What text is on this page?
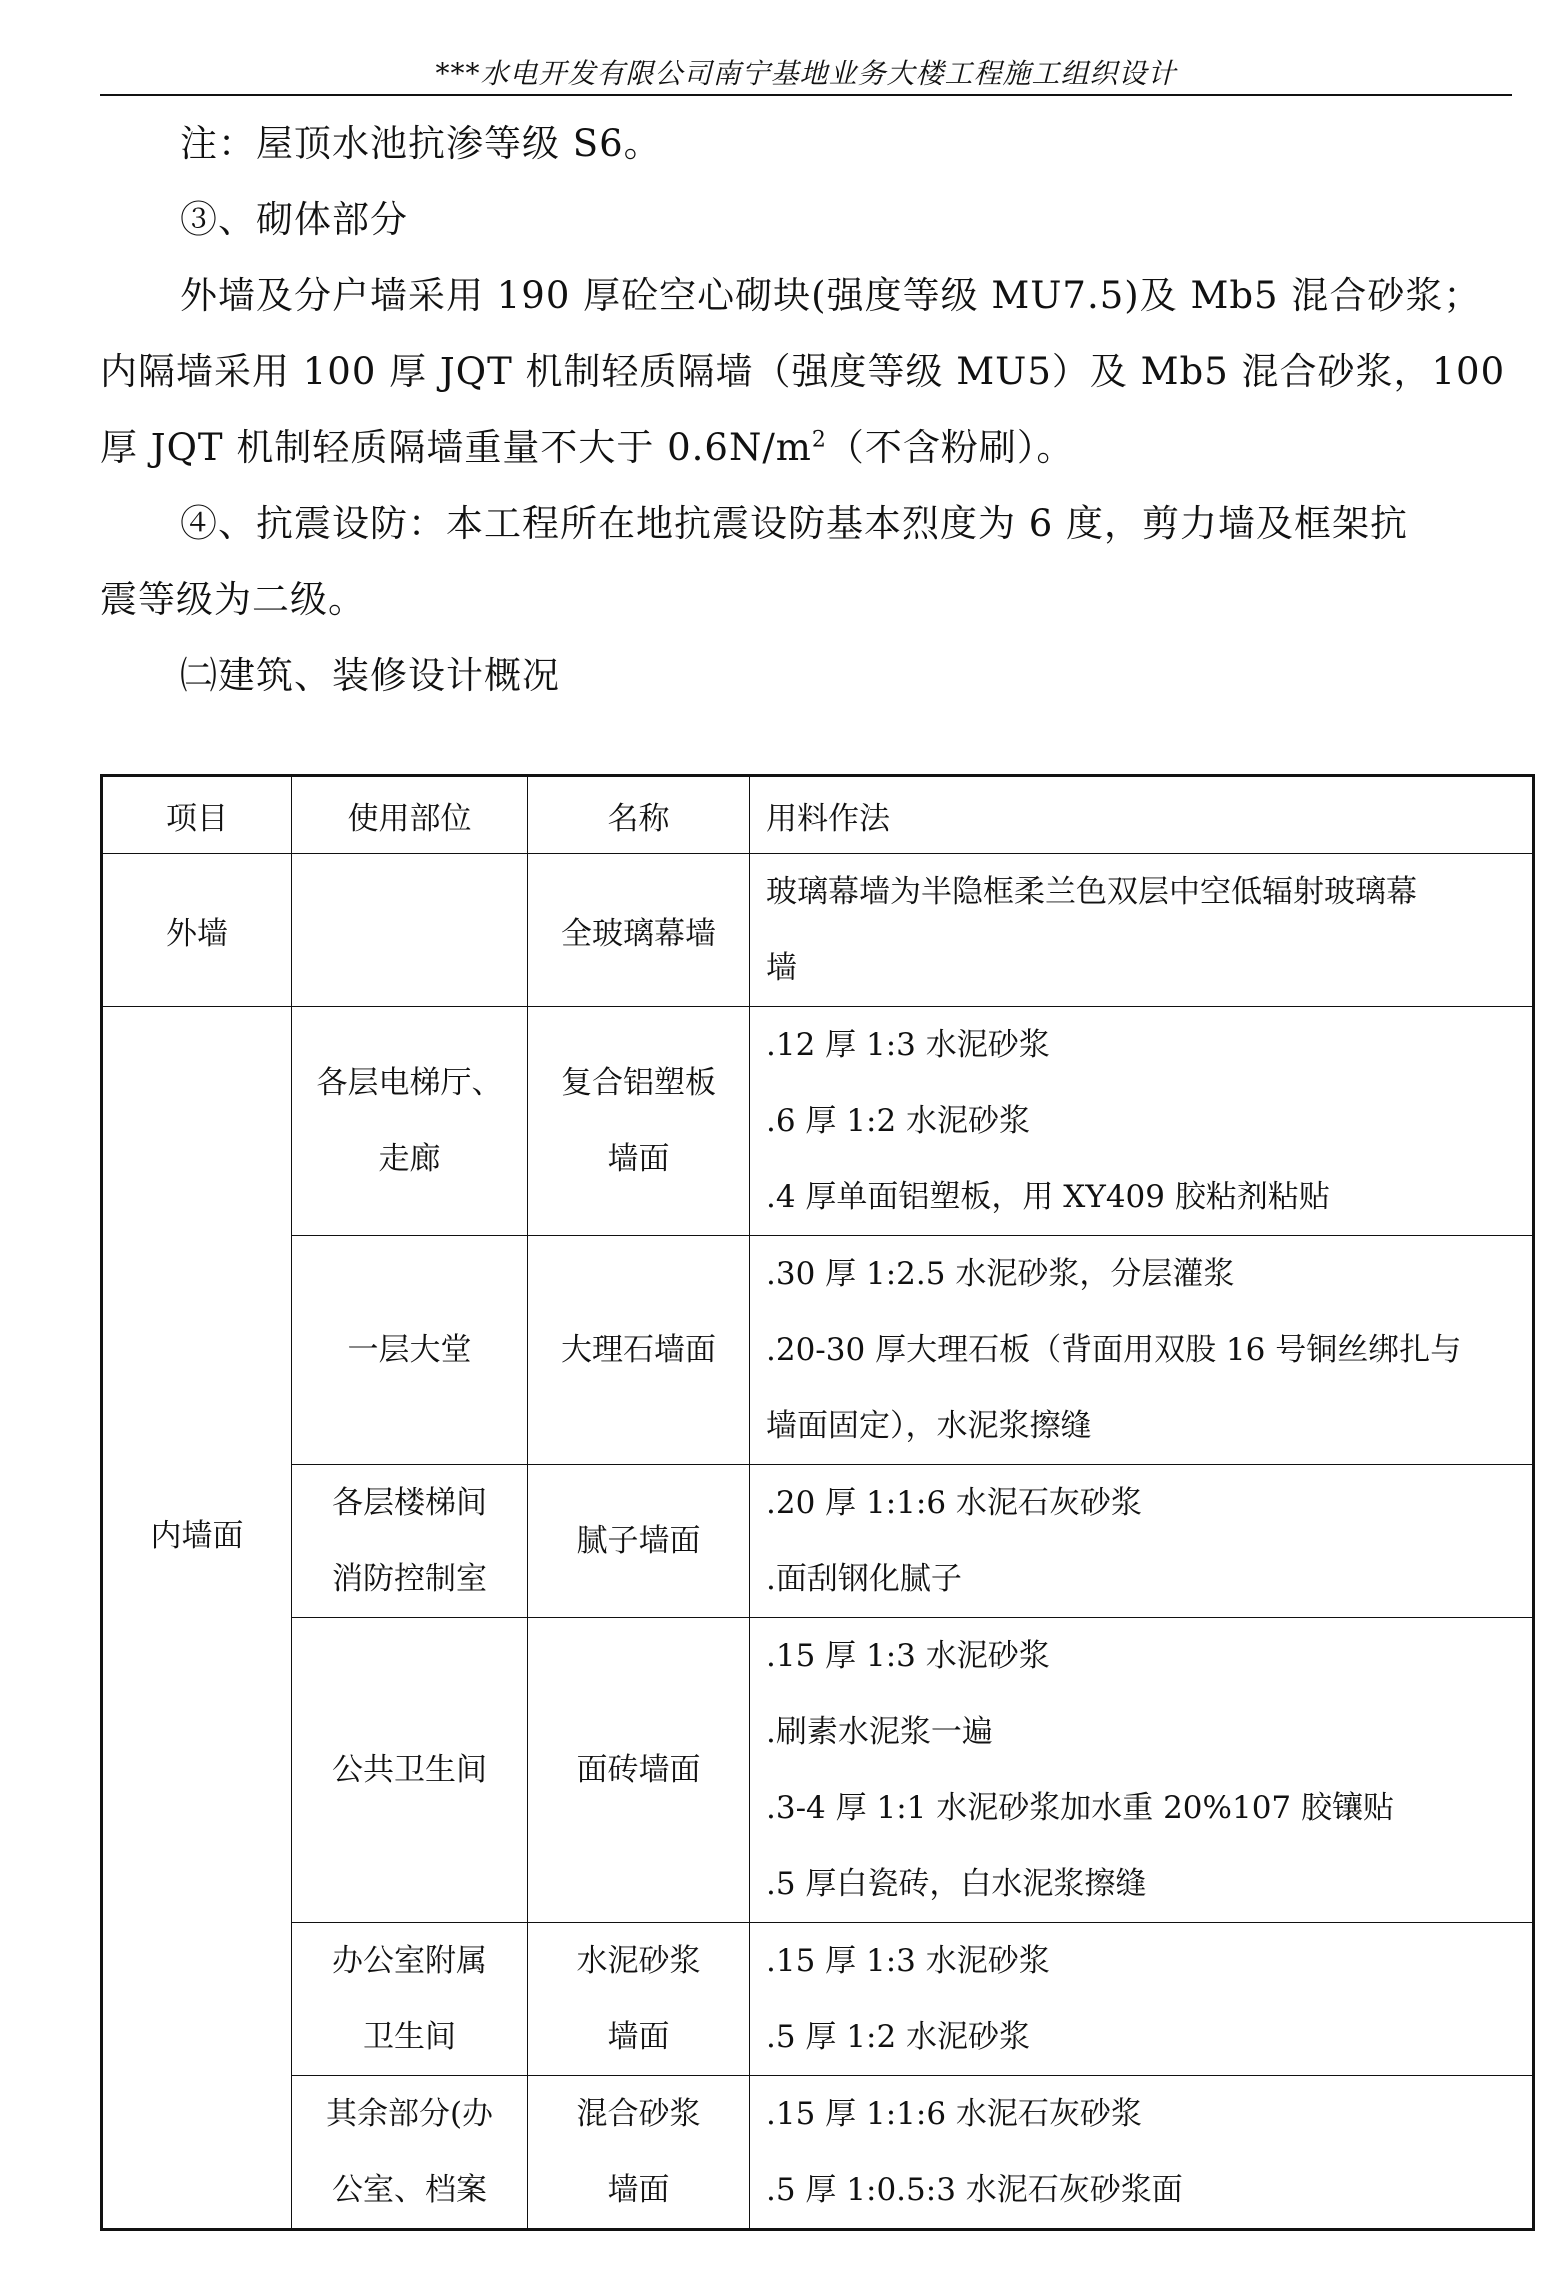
***水电开发有限公司南宁基地业务大楼工程施工组织设计

注：屋顶水池抗渗等级 S6。

③、砌体部分

外墙及分户墙采用 190 厚砼空心砌块(强度等级 MU7.5)及 Mb5 混合砂浆；
内隔墙采用 100 厚 JQT 机制轻质隔墙（强度等级 MU5）及 Mb5 混合砂浆，100
厚 JQT 机制轻质隔墙重量不大于 $0.6N/m^2$（不含粉刷）。

④、抗震设防：本工程所在地抗震设防基本烈度为 6 度，剪力墙及框架抗
震等级为二级。

㈡建筑、装修设计概况

项目	使用部位	名称	用料作法
外墙		全玻璃幕墙	玻璃幕墙为半隐框柔兰色双层中空低辐射玻璃幕
墙

内墙面	各层电梯厅、
走廊	复合铝塑板
墙面	.12 厚 1:3 水泥砂浆
.6 厚 1:2 水泥砂浆
.4 厚单面铝塑板，用 XY409 胶粘剂粘贴

	一层大堂	大理石墙面	.30 厚 1:2.5 水泥砂浆，分层灌浆
.20-30 厚大理石板（背面用双股 16 号铜丝绑扎与
墙面固定），水泥浆擦缝

	各层楼梯间
消防控制室	腻子墙面	.20 厚 1:1:6 水泥石灰砂浆
.面刮钢化腻子

	公共卫生间	面砖墙面	.15 厚 1:3 水泥砂浆
.刷素水泥浆一遍
.3-4 厚 1:1 水泥砂浆加水重 20%107 胶镶贴
.5 厚白瓷砖，白水泥浆擦缝

	办公室附属
卫生间	水泥砂浆
墙面	.15 厚 1:3 水泥砂浆
.5 厚 1:2 水泥砂浆

	其余部分(办
公室、档案	混合砂浆
墙面	.15 厚 1:1:6 水泥石灰砂浆
.5 厚 1:0.5:3 水泥石灰砂浆面
